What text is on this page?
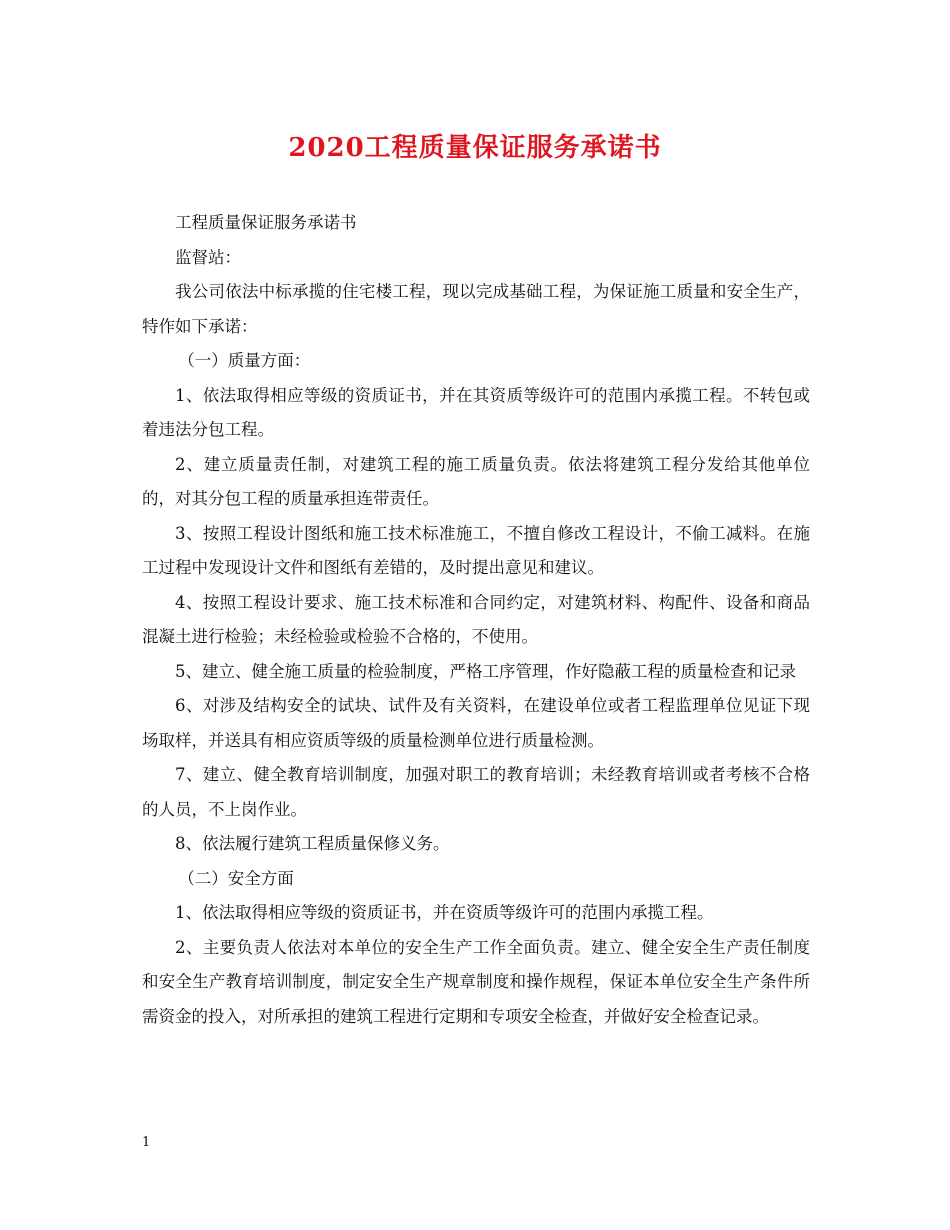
2020工程质量保证服务承诺书

工程质量保证服务承诺书

监督站：

我公司依法中标承揽的住宅楼工程，现以完成基础工程，为保证施工质量和安全生产，特作如下承诺：

（一）质量方面：

1、依法取得相应等级的资质证书，并在其资质等级许可的范围内承揽工程。不转包或着违法分包工程。

2、建立质量责任制，对建筑工程的施工质量负责。依法将建筑工程分发给其他单位的，对其分包工程的质量承担连带责任。

3、按照工程设计图纸和施工技术标准施工，不擅自修改工程设计，不偷工减料。在施工过程中发现设计文件和图纸有差错的，及时提出意见和建议。

4、按照工程设计要求、施工技术标准和合同约定，对建筑材料、构配件、设备和商品混凝土进行检验；未经检验或检验不合格的，不使用。

5、建立、健全施工质量的检验制度，严格工序管理，作好隐蔽工程的质量检查和记录

6、对涉及结构安全的试块、试件及有关资料，在建设单位或者工程监理单位见证下现场取样，并送具有相应资质等级的质量检测单位进行质量检测。

7、建立、健全教育培训制度，加强对职工的教育培训；未经教育培训或者考核不合格的人员，不上岗作业。

8、依法履行建筑工程质量保修义务。

（二）安全方面

1、依法取得相应等级的资质证书，并在资质等级许可的范围内承揽工程。

2、主要负责人依法对本单位的安全生产工作全面负责。建立、健全安全生产责任制度和安全生产教育培训制度，制定安全生产规章制度和操作规程，保证本单位安全生产条件所需资金的投入，对所承担的建筑工程进行定期和专项安全检查，并做好安全检查记录。

1
